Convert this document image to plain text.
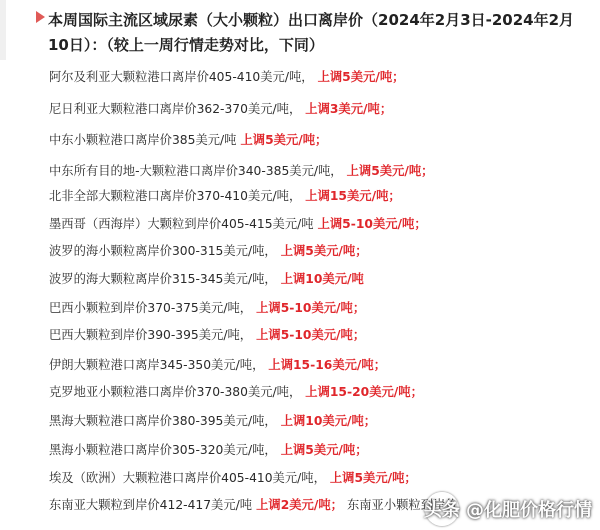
本周国际主流区域尿素（大小颗粒）出口离岸价（2024年2月3日-2024年2月10日）：（较上一周行情走势对比，下同）
阿尔及利亚大颗粒港口离岸价405-410美元/吨， 上调5美元/吨；
尼日利亚大颗粒港口离岸价362-370美元/吨， 上调3美元/吨；
中东小颗粒港口离岸价385美元/吨 上调5美元/吨；
中东所有目的地-大颗粒港口离岸价340-385美元/吨， 上调5美元/吨；
北非全部大颗粒港口离岸价370-410美元/吨， 上调15美元/吨；
墨西哥（西海岸）大颗粒到岸价405-415美元/吨 上调5-10美元/吨；
波罗的海小颗粒离岸价300-315美元/吨， 上调5美元/吨；
波罗的海大颗粒离岸价315-345美元/吨， 上调10美元/吨
巴西小颗粒到岸价370-375美元/吨， 上调5-10美元/吨；
巴西大颗粒到岸价390-395美元/吨， 上调5-10美元/吨；
伊朗大颗粒港口离岸345-350美元/吨， 上调15-16美元/吨；
克罗地亚小颗粒港口离岸价370-380美元/吨， 上调15-20美元/吨；
黑海大颗粒港口离岸价380-395美元/吨， 上调10美元/吨；
黑海小颗粒港口离岸价305-320美元/吨， 上调5美元/吨；
埃及（欧洲）大颗粒港口离岸价405-410美元/吨， 上调5美元/吨；
东南亚大颗粒到岸价412-417美元/吨 上调2美元/吨； 东南亚小颗粒到岸价
头条 @化肥价格行情
